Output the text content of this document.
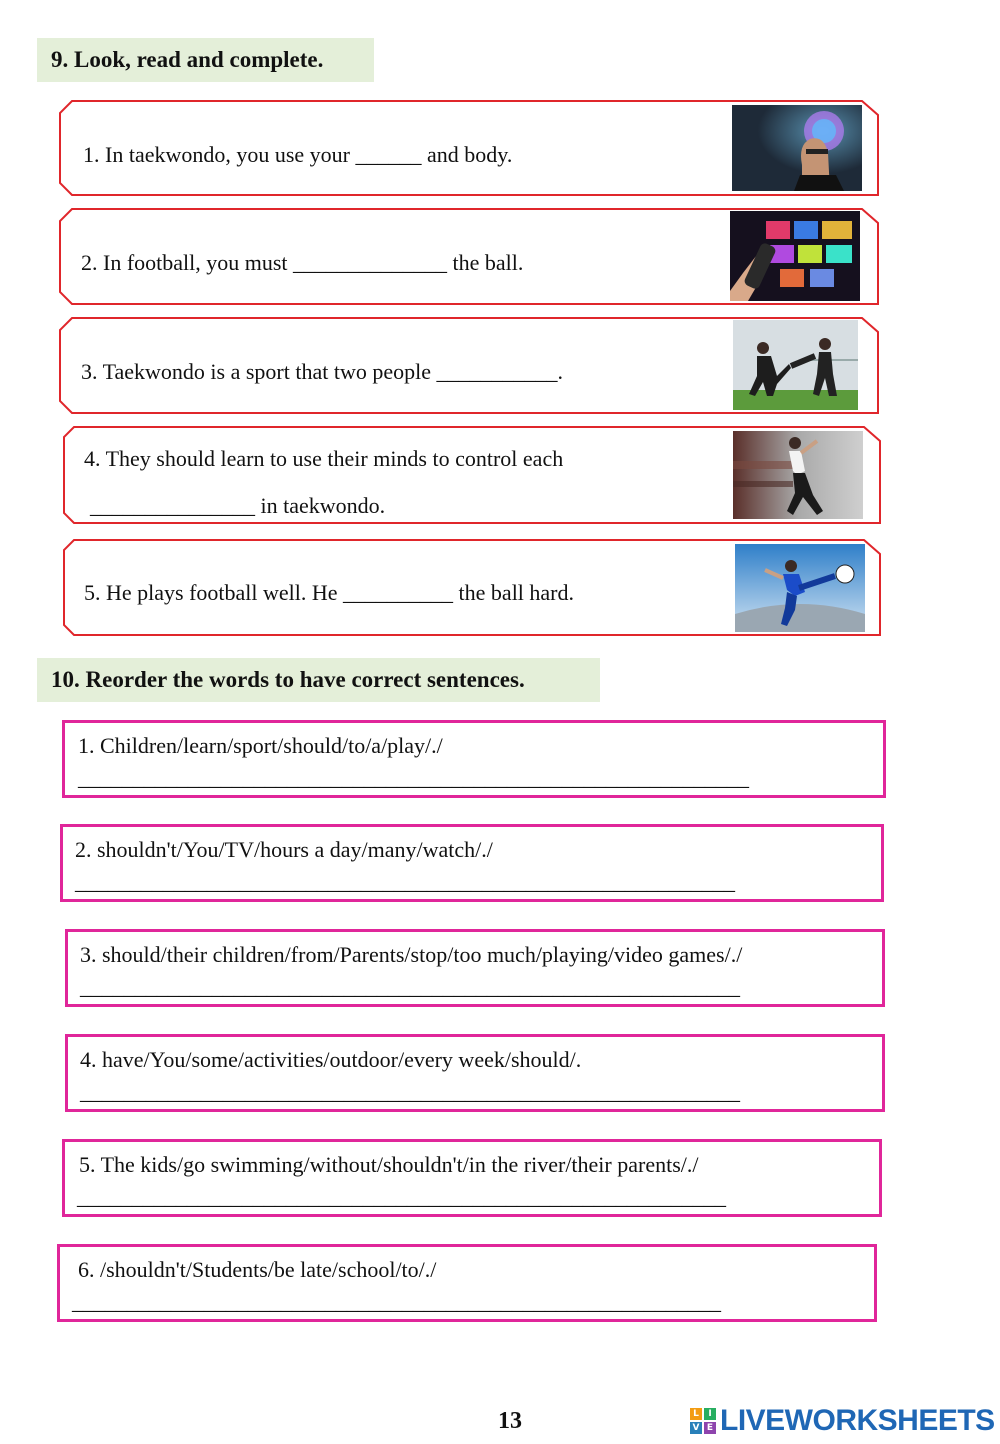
9. Look, read and complete.
1. In taekwondo, you use your ______ and body.
2. In football, you must ______________ the ball.
3. Taekwondo is a sport that two people ___________.
4. They should learn to use their minds to control each
_______________ in taekwondo.
5. He plays football well. He __________ the ball hard.
10. Reorder the words to have correct sentences.
1. Children/learn/sport/should/to/a/play/./
_____________________________________________________________
2. shouldn't/You/TV/hours a day/many/watch/./
____________________________________________________________
3. should/their children/from/Parents/stop/too much/playing/video games/./
____________________________________________________________
4. have/You/some/activities/outdoor/every week/should/.
____________________________________________________________
5. The kids/go swimming/without/shouldn't/in the river/their parents/./
___________________________________________________________
6. /shouldn't/Students/be late/school/to/./
___________________________________________________________
13	L	I
V E LIVEWORKSHEETS
